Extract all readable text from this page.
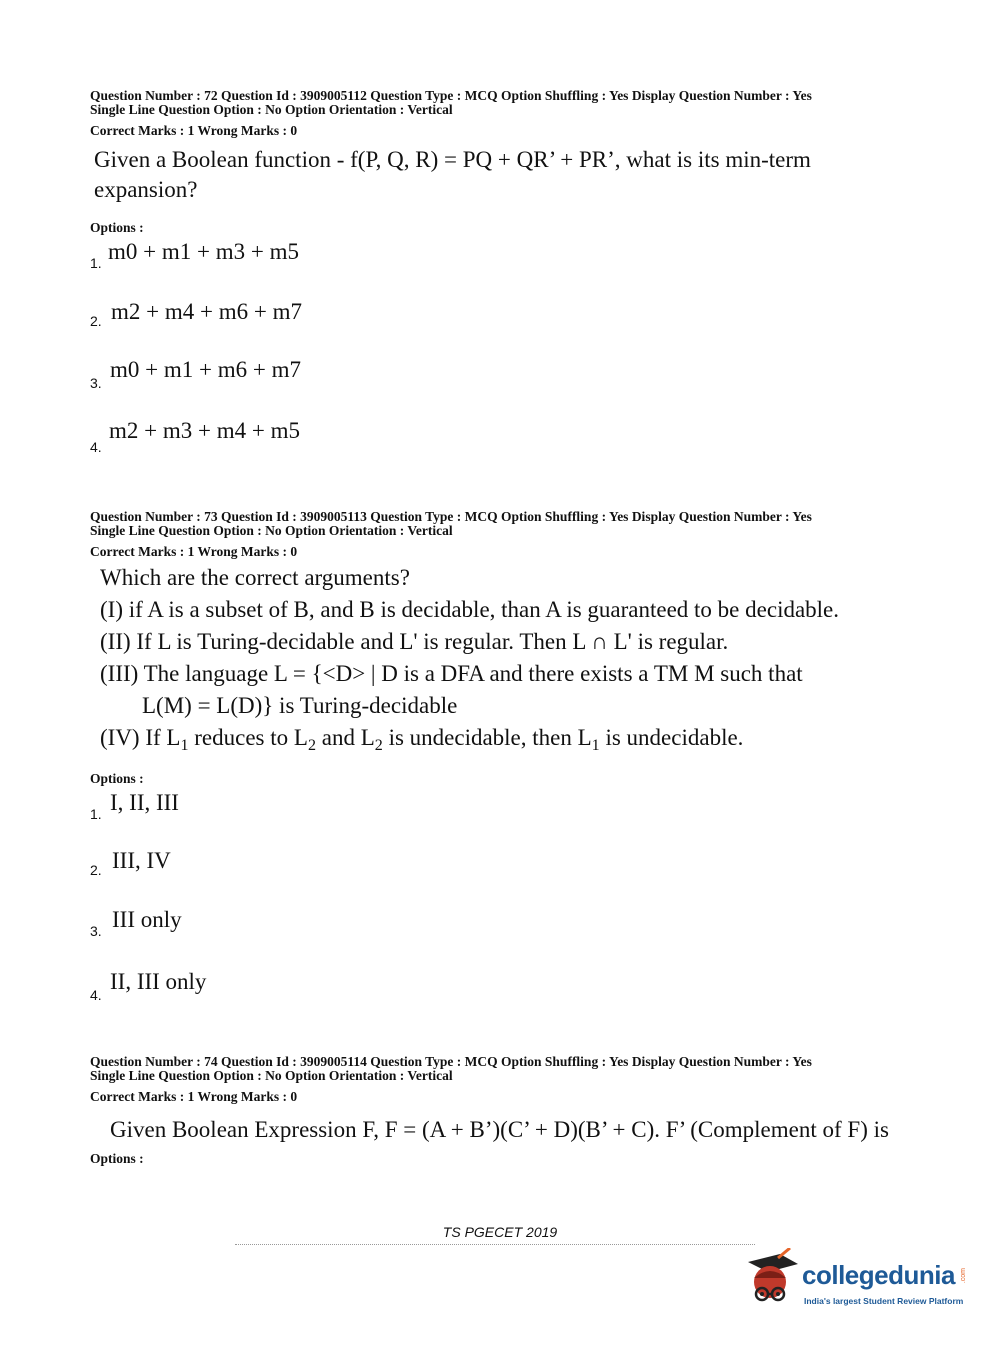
Question Number : 72 Question Id : 3909005112 Question Type : MCQ Option Shuffling : Yes Display Question Number : Yes
Single Line Question Option : No Option Orientation : Vertical
Correct Marks : 1 Wrong Marks : 0
Given a Boolean function - f(P, Q, R) = PQ + QR’ + PR’, what is its min-term
expansion?
Options :
1. m0 + m1 + m3 + m5
2. m2 + m4 + m6 + m7
3.
m0 + m1 + m6 + m7
4.
m2 + m3 + m4 + m5
Question Number : 73 Question Id : 3909005113 Question Type : MCQ Option Shuffling : Yes Display Question Number : Yes
Single Line Question Option : No Option Orientation : Vertical
Correct Marks : 1 Wrong Marks : 0
Which are the correct arguments?
(I) if A is a subset of B, and B is decidable, than A is guaranteed to be decidable.
(II) If L is Turing-decidable and L' is regular. Then L ∩ L' is regular.
(III) The language L = {<D> | D is a DFA and there exists a TM M such that
L(M) = L(D)} is Turing-decidable
(IV) If $L_1$ reduces to $L_2$ and $L_2$ is undecidable, then $L_1$ is undecidable.
Options :
1. I, II, III
2. III, IV
3. III only
4.
II, III only
Question Number : 74 Question Id : 3909005114 Question Type : MCQ Option Shuffling : Yes Display Question Number : Yes
Single Line Question Option : No Option Orientation : Vertical
Correct Marks : 1 Wrong Marks : 0
Given Boolean Expression F, F = (A + B’)(C’ + D)(B’ + C). F’ (Complement of F) is
Options :
TS PGECET 2019
collegedunia .com
India's largest Student Review Platform
